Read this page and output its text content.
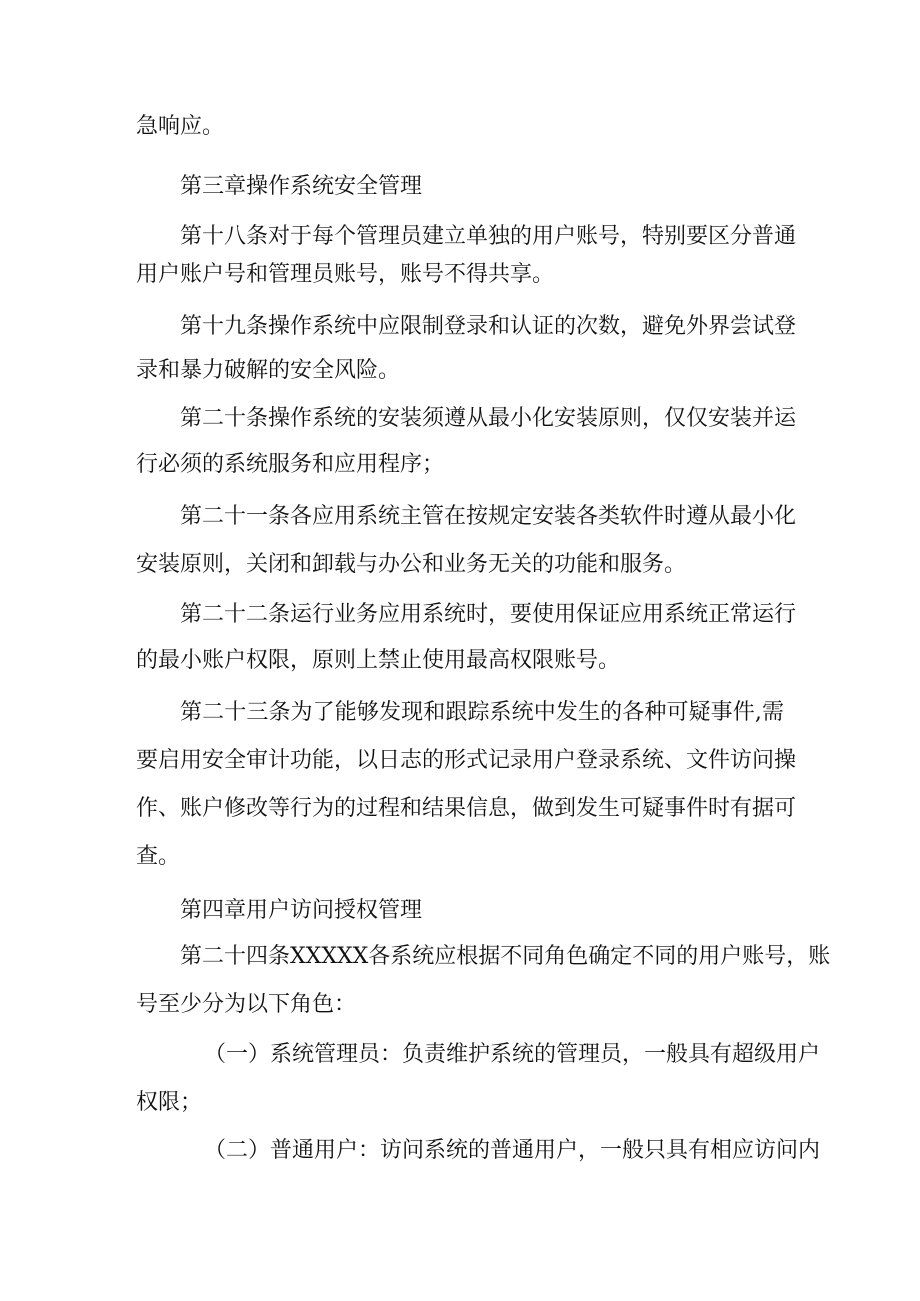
急响应。
第三章操作系统安全管理
第十八条对于每个管理员建立单独的用户账号，特别要区分普通
用户账户号和管理员账号，账号不得共享。
第十九条操作系统中应限制登录和认证的次数，避免外界尝试登
录和暴力破解的安全风险。
第二十条操作系统的安装须遵从最小化安装原则，仅仅安装并运
行必须的系统服务和应用程序；
第二十一条各应用系统主管在按规定安装各类软件时遵从最小化
安装原则，关闭和卸载与办公和业务无关的功能和服务。
第二十二条运行业务应用系统时，要使用保证应用系统正常运行
的最小账户权限，原则上禁止使用最高权限账号。
第二十三条为了能够发现和跟踪系统中发生的各种可疑事件,需
要启用安全审计功能，以日志的形式记录用户登录系统、文件访问操
作、账户修改等行为的过程和结果信息，做到发生可疑事件时有据可
查。
第四章用户访问授权管理
第二十四条XXXXX各系统应根据不同角色确定不同的用户账号，账
号至少分为以下角色：
（一）系统管理员：负责维护系统的管理员，一般具有超级用户
权限；
（二）普通用户：访问系统的普通用户，一般只具有相应访问内
